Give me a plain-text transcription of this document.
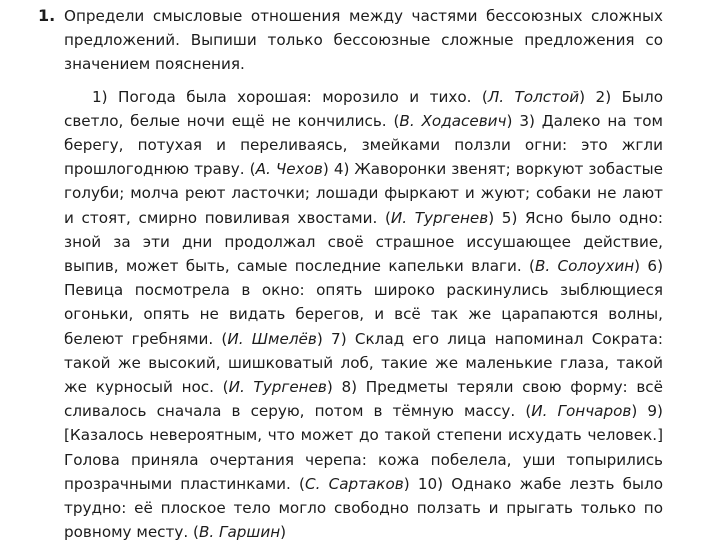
1. Определи смысловые отношения между частями бессоюзных сложных предложений. Выпиши только бессоюзные сложные предложения со значением пояснения.

1) Погода была хорошая: морозило и тихо. (Л. Толстой) 2) Было светло, белые ночи ещё не кончились. (В. Ходасевич) 3) Далеко на том берегу, потухая и переливаясь, змейками ползли огни: это жгли прошлогоднюю траву. (А. Чехов) 4) Жаворонки звенят; воркуют зобастые голуби; молча реют ласточки; лошади фыркают и жуют; собаки не лают и стоят, смирно повиливая хвостами. (И. Тургенев) 5) Ясно было одно: зной за эти дни продолжал своё страшное иссушающее действие, выпив, может быть, самые последние капельки влаги. (В. Солоухин) 6) Певица посмотрела в окно: опять широко раскинулись зыблющиеся огоньки, опять не видать берегов, и всё так же царапаются волны, белеют гребнями. (И. Шмелёв) 7) Склад его лица напоминал Сократа: такой же высокий, шишковатый лоб, такие же маленькие глаза, такой же курносый нос. (И. Тургенев) 8) Предметы теряли свою форму: всё сливалось сначала в серую, потом в тёмную массу. (И. Гончаров) 9) [Казалось невероятным, что может до такой степени исхудать человек.] Голова приняла очертания черепа: кожа побелела, уши топырились прозрачными пластинками. (С. Сартаков) 10) Однако жабе лезть было трудно: её плоское тело могло свободно ползать и прыгать только по ровному месту. (В. Гаршин)
